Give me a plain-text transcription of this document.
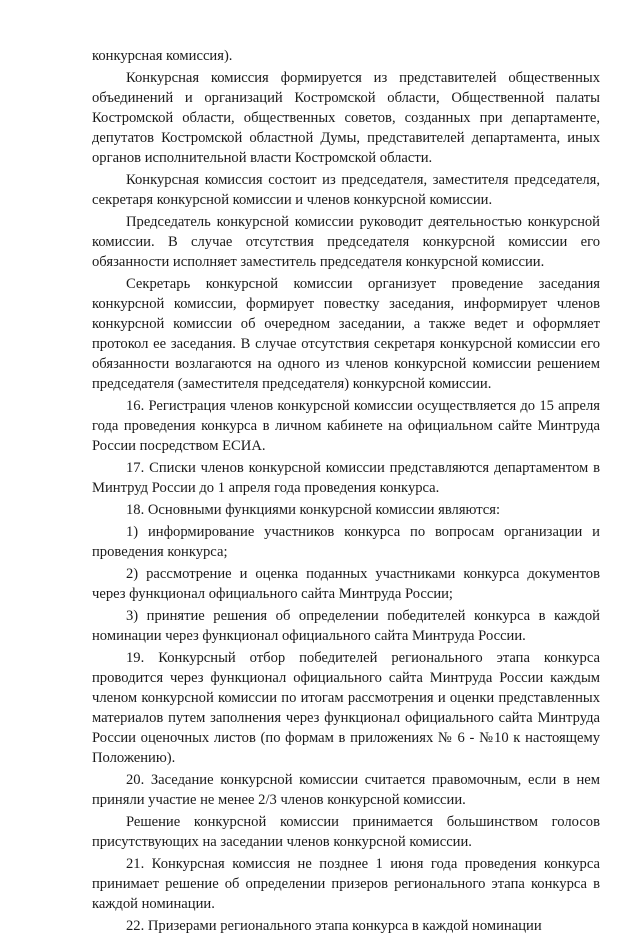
конкурсная комиссия).

Конкурсная комиссия формируется из представителей общественных объединений и организаций Костромской области, Общественной палаты Костромской области, общественных советов, созданных при департаменте, депутатов Костромской областной Думы, представителей департамента, иных органов исполнительной власти Костромской области.

Конкурсная комиссия состоит из председателя, заместителя председателя, секретаря конкурсной комиссии и членов конкурсной комиссии.

Председатель конкурсной комиссии руководит деятельностью конкурсной комиссии. В случае отсутствия председателя конкурсной комиссии его обязанности исполняет заместитель председателя конкурсной комиссии.

Секретарь конкурсной комиссии организует проведение заседания конкурсной комиссии, формирует повестку заседания, информирует членов конкурсной комиссии об очередном заседании, а также ведет и оформляет протокол ее заседания. В случае отсутствия секретаря конкурсной комиссии его обязанности возлагаются на одного из членов конкурсной комиссии решением председателя (заместителя председателя) конкурсной комиссии.

16. Регистрация членов конкурсной комиссии осуществляется до 15 апреля года проведения конкурса в личном кабинете на официальном сайте Минтруда России посредством ЕСИА.

17. Списки членов конкурсной комиссии представляются департаментом в Минтруд России до 1 апреля года проведения конкурса.

18. Основными функциями конкурсной комиссии являются:

1) информирование участников конкурса по вопросам организации и проведения конкурса;

2) рассмотрение и оценка поданных участниками конкурса документов через функционал официального сайта Минтруда России;

3) принятие решения об определении победителей конкурса в каждой номинации через функционал официального сайта Минтруда России.

19. Конкурсный отбор победителей регионального этапа конкурса проводится через функционал официального сайта Минтруда России каждым членом конкурсной комиссии по итогам рассмотрения и оценки представленных материалов путем заполнения через функционал официального сайта Минтруда России оценочных листов (по формам в приложениях № 6 - №10 к настоящему Положению).

20. Заседание конкурсной комиссии считается правомочным, если в нем приняли участие не менее 2/3 членов конкурсной комиссии.

Решение конкурсной комиссии принимается большинством голосов присутствующих на заседании членов конкурсной комиссии.

21. Конкурсная комиссия не позднее 1 июня года проведения конкурса принимает решение об определении призеров регионального этапа конкурса в каждой номинации.

22. Призерами регионального этапа конкурса в каждой номинации
